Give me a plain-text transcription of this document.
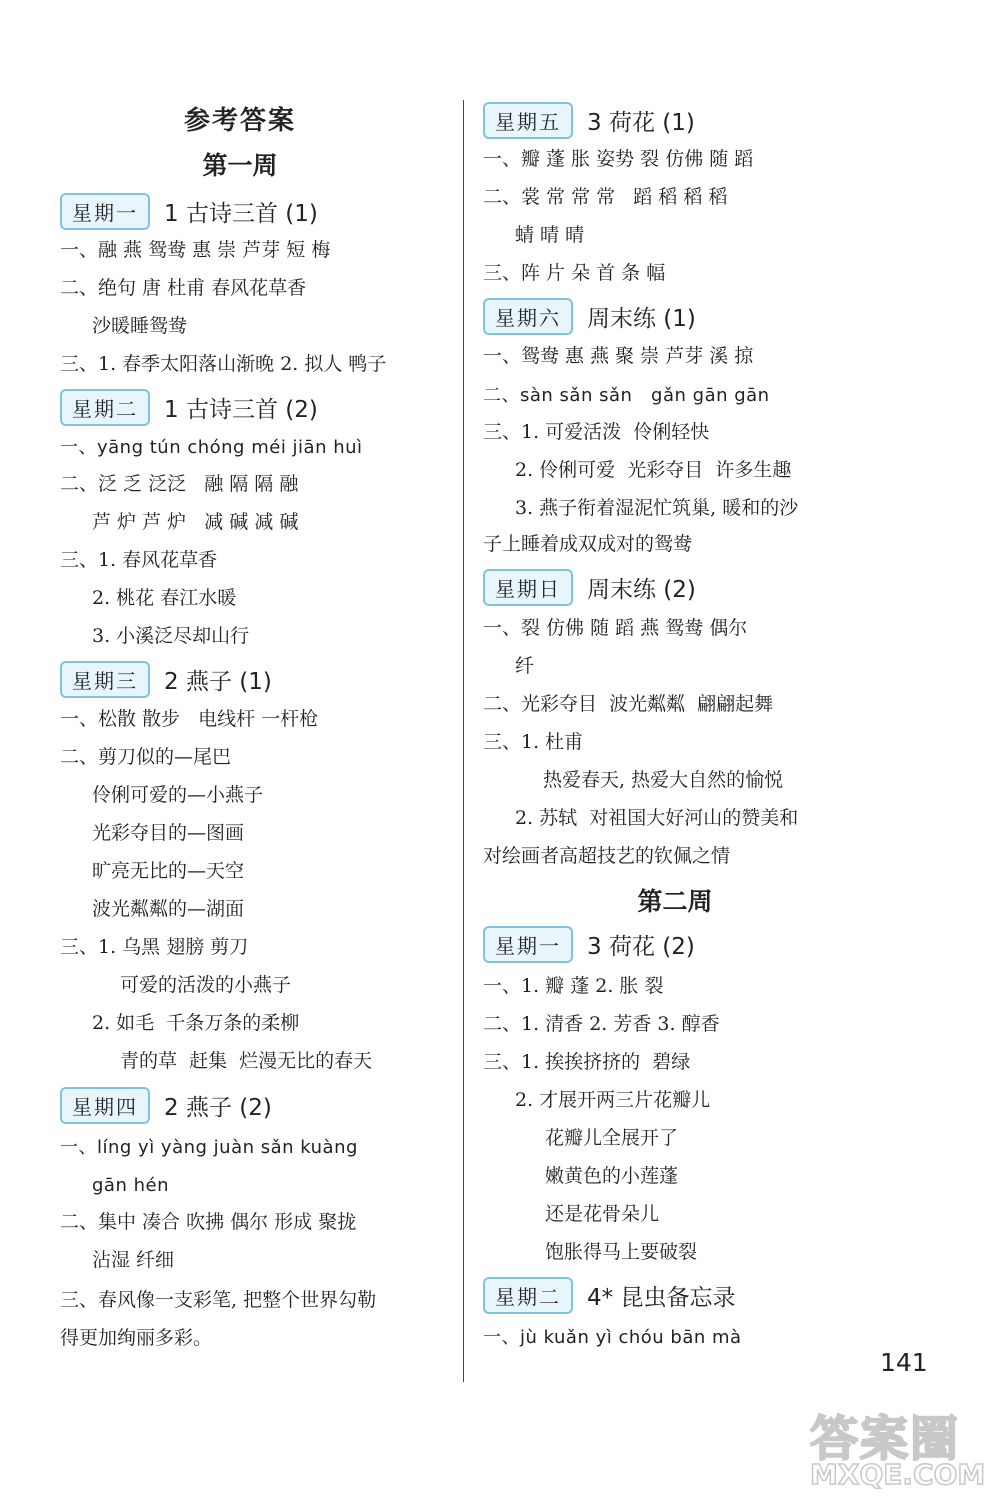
参考答案
第一周
星期一	1 古诗三首 (1)
一、融 燕 鸳鸯 惠 崇 芦芽 短 梅
二、绝句 唐 杜甫 春风花草香
沙暖睡鸳鸯
三、1. 春季太阳落山渐晚 2. 拟人 鸭子
星期二	1 古诗三首 (2)
一、yāng tún chóng méi jiān huì
二、泛 乏 泛泛   融 隔 隔 融
芦 炉 芦 炉   减 碱 减 碱
三、1. 春风花草香
2. 桃花 春江水暖
3. 小溪泛尽却山行
星期三	2 燕子 (1)
一、松散 散步   电线杆 一杆枪
二、剪刀似的—尾巴
伶俐可爱的—小燕子
光彩夺目的—图画
旷亮无比的—天空
波光粼粼的—湖面
三、1. 乌黑 翅膀 剪刀
可爱的活泼的小燕子
2. 如毛  千条万条的柔柳
青的草  赶集  烂漫无比的春天
星期四	2 燕子 (2)
一、líng yì yàng juàn sǎn kuàng
gān hén
二、集中 凑合 吹拂 偶尔 形成 聚拢
沾湿 纤细
三、春风像一支彩笔, 把整个世界勾勒
得更加绚丽多彩。
星期五	3 荷花 (1)
一、瓣 蓬 胀 姿势 裂 仿佛 随 蹈
二、裳 常 常 常   蹈 稻 稻 稻
蜻 晴 晴
三、阵 片 朵 首 条 幅
星期六	周末练 (1)
一、鸳鸯 惠 燕 聚 崇 芦芽 溪 掠
二、sàn sǎn sǎn   gǎn gān gān
三、1. 可爱活泼  伶俐轻快
2. 伶俐可爱  光彩夺目  许多生趣
3. 燕子衔着湿泥忙筑巢, 暖和的沙
子上睡着成双成对的鸳鸯
星期日	周末练 (2)
一、裂 仿佛 随 蹈 燕 鸳鸯 偶尔
纤
二、光彩夺目  波光粼粼  翩翩起舞
三、1. 杜甫
热爱春天, 热爱大自然的愉悦
2. 苏轼  对祖国大好河山的赞美和
对绘画者高超技艺的钦佩之情
第二周
星期一	3 荷花 (2)
一、1. 瓣 蓬 2. 胀 裂
二、1. 清香 2. 芳香 3. 醇香
三、1. 挨挨挤挤的  碧绿
2. 才展开两三片花瓣儿
花瓣儿全展开了
嫩黄色的小莲蓬
还是花骨朵儿
饱胀得马上要破裂
星期二	4* 昆虫备忘录
一、jù kuǎn yì chóu bān mà
141
答案圈
MXQE.COM
